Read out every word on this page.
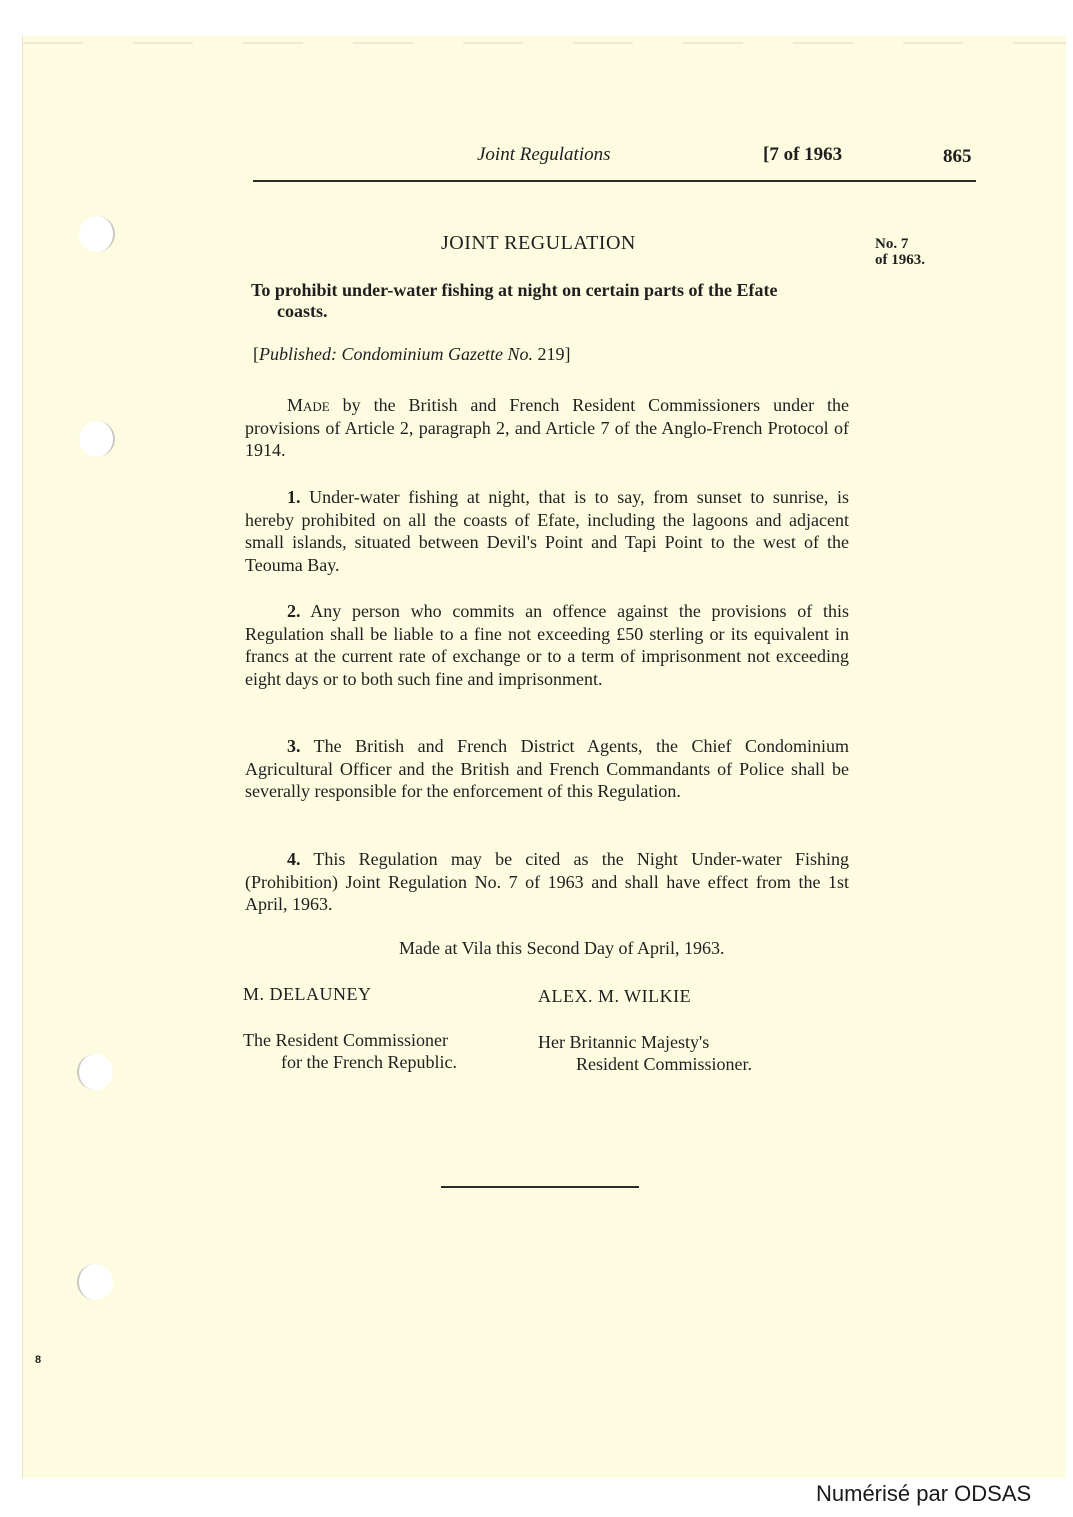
Joint Regulations	[7 of 1963	865
JOINT REGULATION	No. 7
of 1963.
To prohibit under-water fishing at night on certain parts of the Efate
coasts.
[Published: Condominium Gazette No. 219]
Made by the British and French Resident Commissioners under the provisions of Article 2, paragraph 2, and Article 7 of the Anglo-French Protocol of 1914.
1. Under-water fishing at night, that is to say, from sunset to sunrise, is hereby prohibited on all the coasts of Efate, including the lagoons and adjacent small islands, situated between Devil's Point and Tapi Point to the west of the Teouma Bay.
2. Any person who commits an offence against the provisions of this Regulation shall be liable to a fine not exceeding £50 sterling or its equivalent in francs at the current rate of exchange or to a term of imprisonment not exceeding eight days or to both such fine and imprisonment.
3. The British and French District Agents, the Chief Condominium Agricultural Officer and the British and French Commandants of Police shall be severally responsible for the enforcement of this Regulation.
4. This Regulation may be cited as the Night Under-water Fishing (Prohibition) Joint Regulation No. 7 of 1963 and shall have effect from the 1st April, 1963.
Made at Vila this Second Day of April, 1963.
M. DELAUNEY	ALEX. M. WILKIE
The Resident Commissioner
for the French Republic.
Her Britannic Majesty's
Resident Commissioner.
8
Numérisé par ODSAS
